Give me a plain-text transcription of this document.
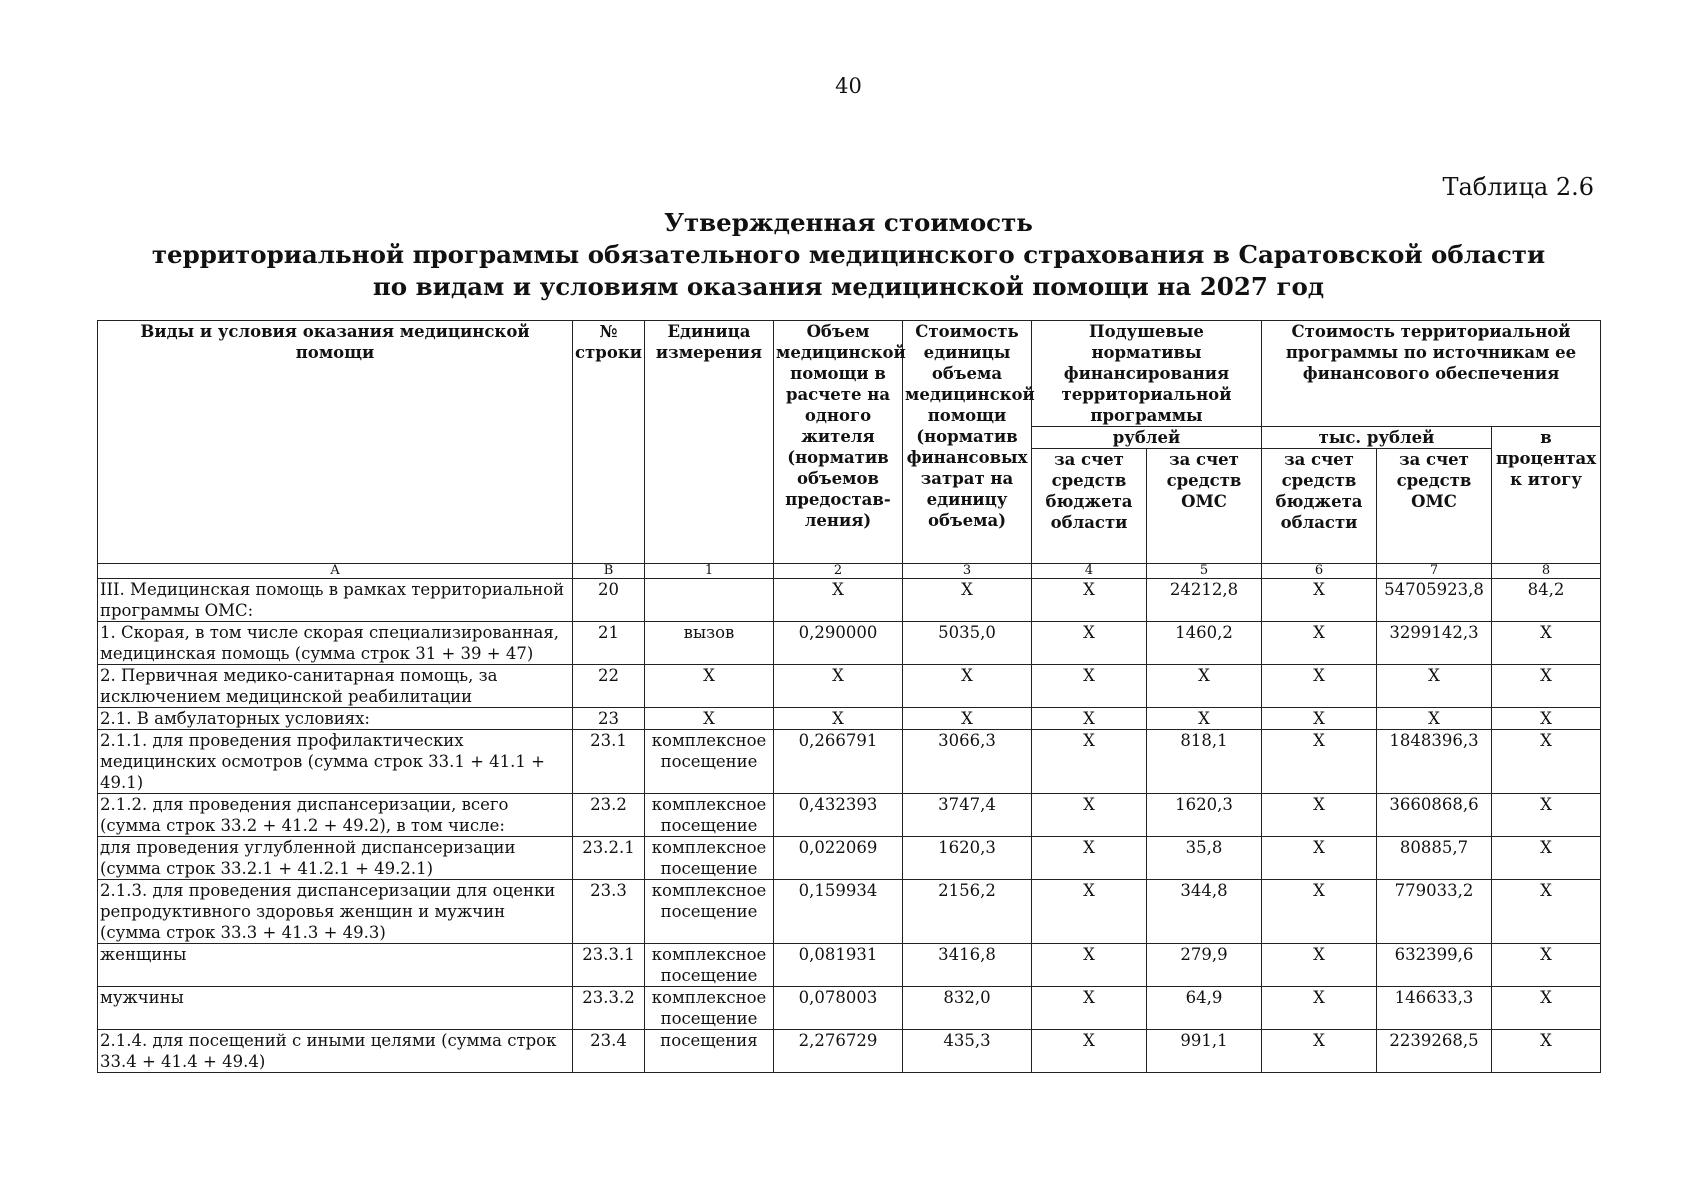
40
Таблица 2.6
Утвержденная стоимость
территориальной программы обязательного медицинского страхования в Саратовской области
по видам и условиям оказания медицинской помощи на 2027 год
Виды и условия оказания медицинской помощи	№ строки	Единица измерения	Объем медицинской помощи в расчете на одного жителя (норматив объемов предостав-ления)	Стоимость единицы объема медицинской помощи (норматив финансовых затрат на единицу объема)	Подушевые нормативы финансирования территориальной программы		Стоимость территориальной программы по источникам ее финансового обеспечения		
					рублей		тыс. рублей		в процентах к итогу
					за счет средств бюджета области	за счет средств ОМС	за счет средств бюджета области	за счет средств ОМС	
А	В	1	2	3	4	5	6	7	8
III. Медицинская помощь в рамках территориальной программы ОМС:	20		Х	Х	Х	24212,8	Х	54705923,8	84,2
1. Скорая, в том числе скорая специализированная, медицинская помощь (сумма строк 31 + 39 + 47)	21	вызов	0,290000	5035,0	Х	1460,2	Х	3299142,3	Х
2. Первичная медико-санитарная помощь, за исключением медицинской реабилитации	22	Х	Х	Х	Х	Х	Х	Х	Х
2.1. В амбулаторных условиях:	23	Х	Х	Х	Х	Х	Х	Х	Х
2.1.1. для проведения профилактических медицинских осмотров (сумма строк 33.1 + 41.1 + 49.1)	23.1	комплексное посещение	0,266791	3066,3	Х	818,1	Х	1848396,3	Х
2.1.2. для проведения диспансеризации, всего (сумма строк 33.2 + 41.2 + 49.2), в том числе:	23.2	комплексное посещение	0,432393	3747,4	Х	1620,3	Х	3660868,6	Х
для проведения углубленной диспансеризации (сумма строк 33.2.1 + 41.2.1 + 49.2.1)	23.2.1	комплексное посещение	0,022069	1620,3	Х	35,8	Х	80885,7	Х
2.1.3. для проведения диспансеризации для оценки репродуктивного здоровья женщин и мужчин (сумма строк 33.3 + 41.3 + 49.3)	23.3	комплексное посещение	0,159934	2156,2	Х	344,8	Х	779033,2	Х
женщины	23.3.1	комплексное посещение	0,081931	3416,8	Х	279,9	Х	632399,6	Х
мужчины	23.3.2	комплексное посещение	0,078003	832,0	Х	64,9	Х	146633,3	Х
2.1.4. для посещений с иными целями (сумма строк 33.4 + 41.4 + 49.4)	23.4	посещения	2,276729	435,3	Х	991,1	Х	2239268,5	Х
